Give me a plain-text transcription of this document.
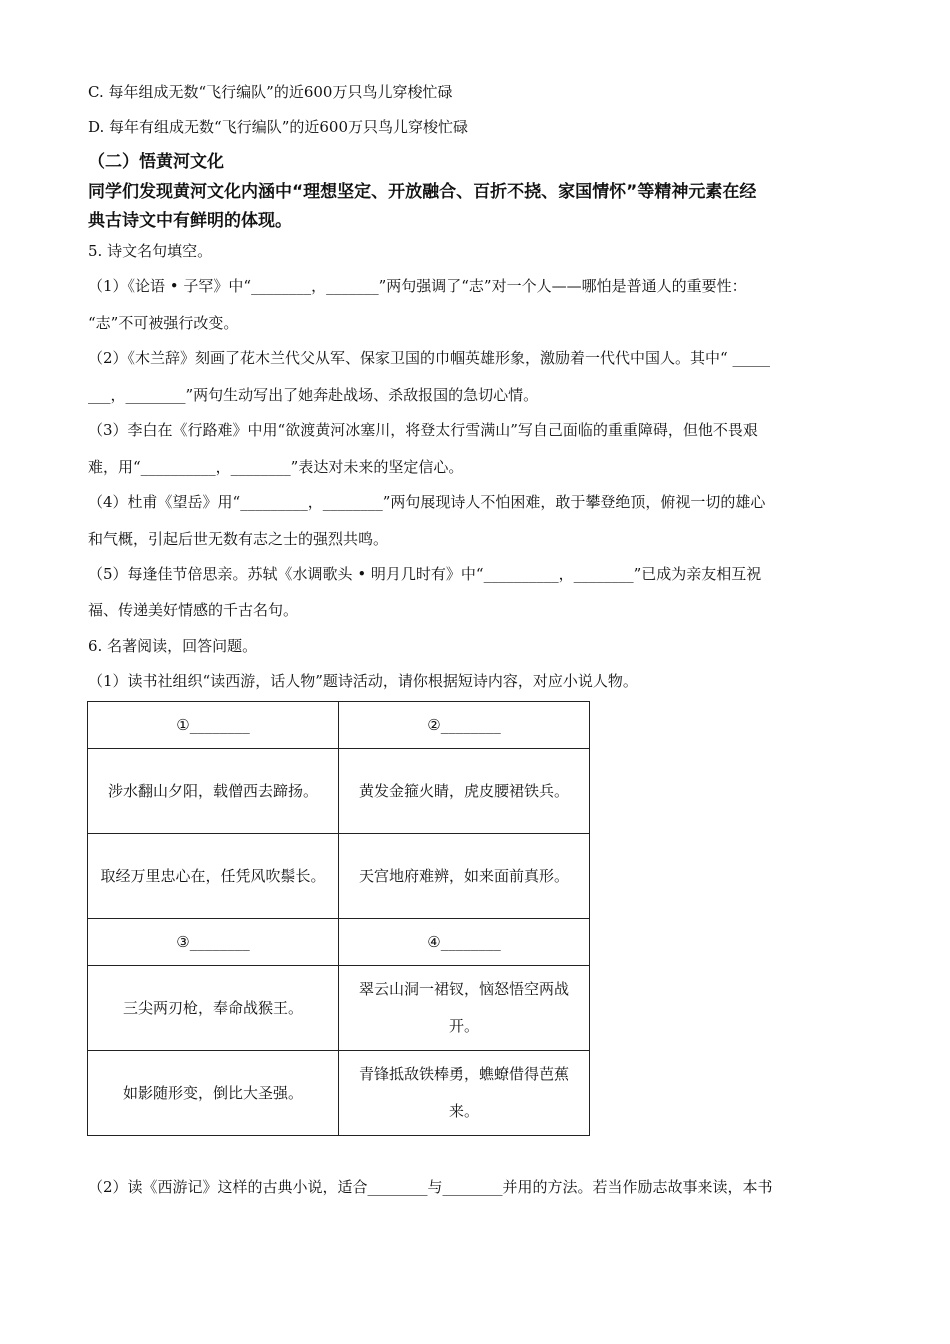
C. 每年组成无数“飞行编队”的近600万只鸟儿穿梭忙碌
D. 每年有组成无数“飞行编队”的近600万只鸟儿穿梭忙碌
（二）悟黄河文化
同学们发现黄河文化内涵中“理想坚定、开放融合、百折不挠、家国情怀”等精神元素在经
典古诗文中有鲜明的体现。
5. 诗文名句填空。
（1）《论语 • 子罕》中“________，_______”两句强调了“志”对一个人——哪怕是普通人的重要性：
“志”不可被强行改变。
（2）《木兰辞》刻画了花木兰代父从军、保家卫国的巾帼英雄形象，激励着一代代中国人。其中“ _____
___，________”两句生动写出了她奔赴战场、杀敌报国的急切心情。
（3）李白在《行路难》中用“欲渡黄河冰塞川，将登太行雪满山”写自己面临的重重障碍，但他不畏艰
难，用“__________，________”表达对未来的坚定信心。
（4）杜甫《望岳》用“_________，________”两句展现诗人不怕困难，敢于攀登绝顶，俯视一切的雄心
和气概，引起后世无数有志之士的强烈共鸣。
（5）每逢佳节倍思亲。苏轼《水调歌头 • 明月几时有》中“__________，________”已成为亲友相互祝
福、传递美好情感的千古名句。
6. 名著阅读，回答问题。
（1）读书社组织“读西游，话人物”题诗活动，请你根据短诗内容，对应小说人物。
①________	②________
涉水翻山夕阳，载僧西去蹄扬。	黄发金箍火睛，虎皮腰裙铁兵。
取经万里忠心在，任凭风吹鬃长。	天宫地府难辨，如来面前真形。
③________	④________
三尖两刃枪，奉命战猴王。	翠云山洞一裙钗，恼怒悟空两战开。
如影随形变，倒比大圣强。	青锋抵敌铁棒勇，蟭蟟借得芭蕉来。
（2）读《西游记》这样的古典小说，适合________与________并用的方法。若当作励志故事来读，本书
